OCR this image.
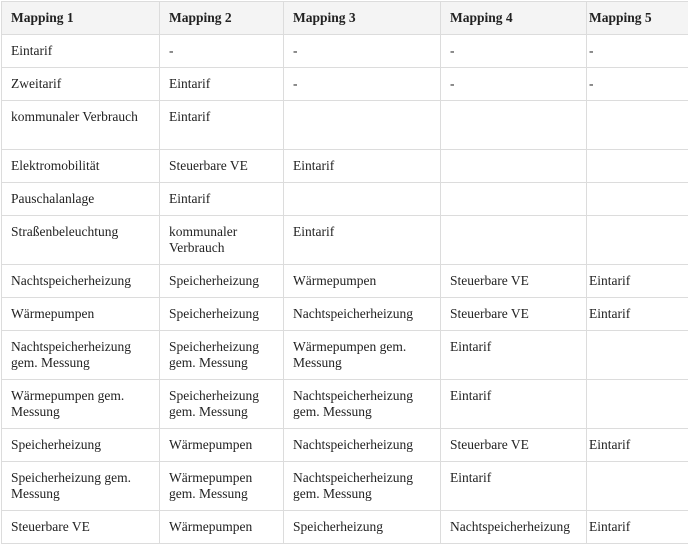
Mapping 1	Mapping 2	Mapping 3	Mapping 4	Mapping 5
Eintarif	-	-	-	-
Zweitarif	Eintarif	-	-	-
kommunaler Verbrauch	Eintarif			
Elektromobilität	Steuerbare VE	Eintarif		
Pauschalanlage	Eintarif			
Straßenbeleuchtung	kommunaler Verbrauch	Eintarif		
Nachtspeicherheizung	Speicherheizung	Wärmepumpen	Steuerbare VE	Eintarif
Wärmepumpen	Speicherheizung	Nachtspeicherheizung	Steuerbare VE	Eintarif
Nachtspeicherheizung gem. Messung	Speicherheizung gem. Messung	Wärmepumpen gem. Messung	Eintarif	
Wärmepumpen gem. Messung	Speicherheizung gem. Messung	Nachtspeicherheizung gem. Messung	Eintarif	
Speicherheizung	Wärmepumpen	Nachtspeicherheizung	Steuerbare VE	Eintarif
Speicherheizung gem. Messung	Wärmepumpen gem. Messung	Nachtspeicherheizung gem. Messung	Eintarif	
Steuerbare VE	Wärmepumpen	Speicherheizung	Nachtspeicherheizung	Eintarif
